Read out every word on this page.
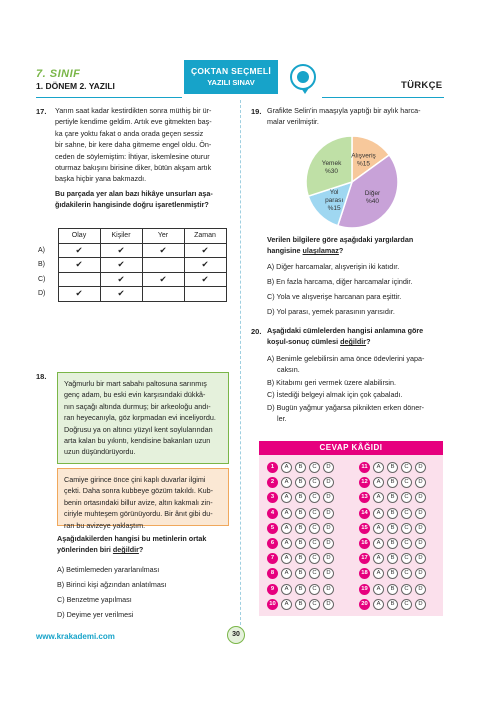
7. SINIF
1. DÖNEM 2. YAZILI
ÇOKTAN SEÇMELİ
YAZILI SINAV	TÜRKÇE
17. Yarım saat kadar kestirdikten sonra müthiş bir ür-
pertiyle kendime geldim. Artık eve gitmekten baş-
ka çare yoktu fakat o anda orada geçen sessiz
bir sahne, bir kere daha gitmeme engel oldu. Ön-
ceden de söylemiştim: İhtiyar, iskemlesine oturur
oturmaz bakışını birisine diker, bütün akşam artık
başka hiçbir yana bakmazdı.
Bu parçada yer alan bazı hikâye unsurları aşa-
ğıdakilerin hangisinde doğru işaretlenmiştir?
	Olay	Kişiler	Yer	Zaman
A)	✔	✔	✔	✔
B)	✔	✔		✔
C)		✔	✔	✔
D)	✔	✔		
18.
Yağmurlu bir mart sabahı paltosuna sarınmış
genç adam, bu eski evin karşısındaki dükkâ-
nın saçağı altında durmuş; bir arkeoloğu andı-
ran heyecanıyla, göz kırpmadan evi inceliyordu.
Doğrusu ya on altıncı yüzyıl kent soylularından
arta kalan bu yıkıntı, kendisine bakanları uzun
uzun düşündürüyordu.
Camiye girince önce çini kaplı duvarlar ilgimi
çekti. Daha sonra kubbeye gözüm takıldı. Kub-
benin ortasındaki billur avize, altın kakmalı zin-
ciriyle muhteşem görünüyordu. Bir ânıt gibi du-
ran bu avizeye yaklaştım.
Aşağıdakilerden hangisi bu metinlerin ortak
yönlerinden biri değildir?
A) Betimlemeden yararlanılması
B) Birinci kişi ağzından anlatılması
C) Benzetme yapılması
D) Deyime yer verilmesi
19. Grafikte Selin'in maaşıyla yaptığı bir aylık harca-
malar verilmiştir.
Alışveriş
%15
Diğer
%40
Yol
parası
%15
Yemek
%30
Verilen bilgilere göre aşağıdaki yargılardan
hangisine ulaşılamaz?
A) Diğer harcamalar, alışverişin iki katıdır.
B) En fazla harcama, diğer harcamalar içindir.
C) Yola ve alışverişe harcanan para eşittir.
D) Yol parası, yemek parasının yarısıdır.
20. Aşağıdaki cümlelerden hangisi anlamına göre
koşul-sonuç cümlesi değildir?
A) Benimle gelebilirsin ama önce ödevlerini yapa-
caksın.
B) Kitabımı geri vermek üzere alabilirsin.
C) İstediği belgeyi almak için çok çabaladı.
D) Bugün yağmur yağarsa piknikten erken döner-
ler.
CEVAP KÂĞIDI
1	A	B	C	D
2	A	B	C	D
3	A	B	C	D
4	A	B	C	D
5	A	B	C	D
6	A	B	C	D
7	A	B	C	D
8	A	B	C	D
9	A	B	C	D
10	A	B	C	D
11	A	B	C	D
12	A	B	C	D
13	A	B	C	D
14	A	B	C	D
15	A	B	C	D
16	A	B	C	D
17	A	B	C	D
18	A	B	C	D
19	A	B	C	D
20	A	B	C	D
www.krakademi.com	30
